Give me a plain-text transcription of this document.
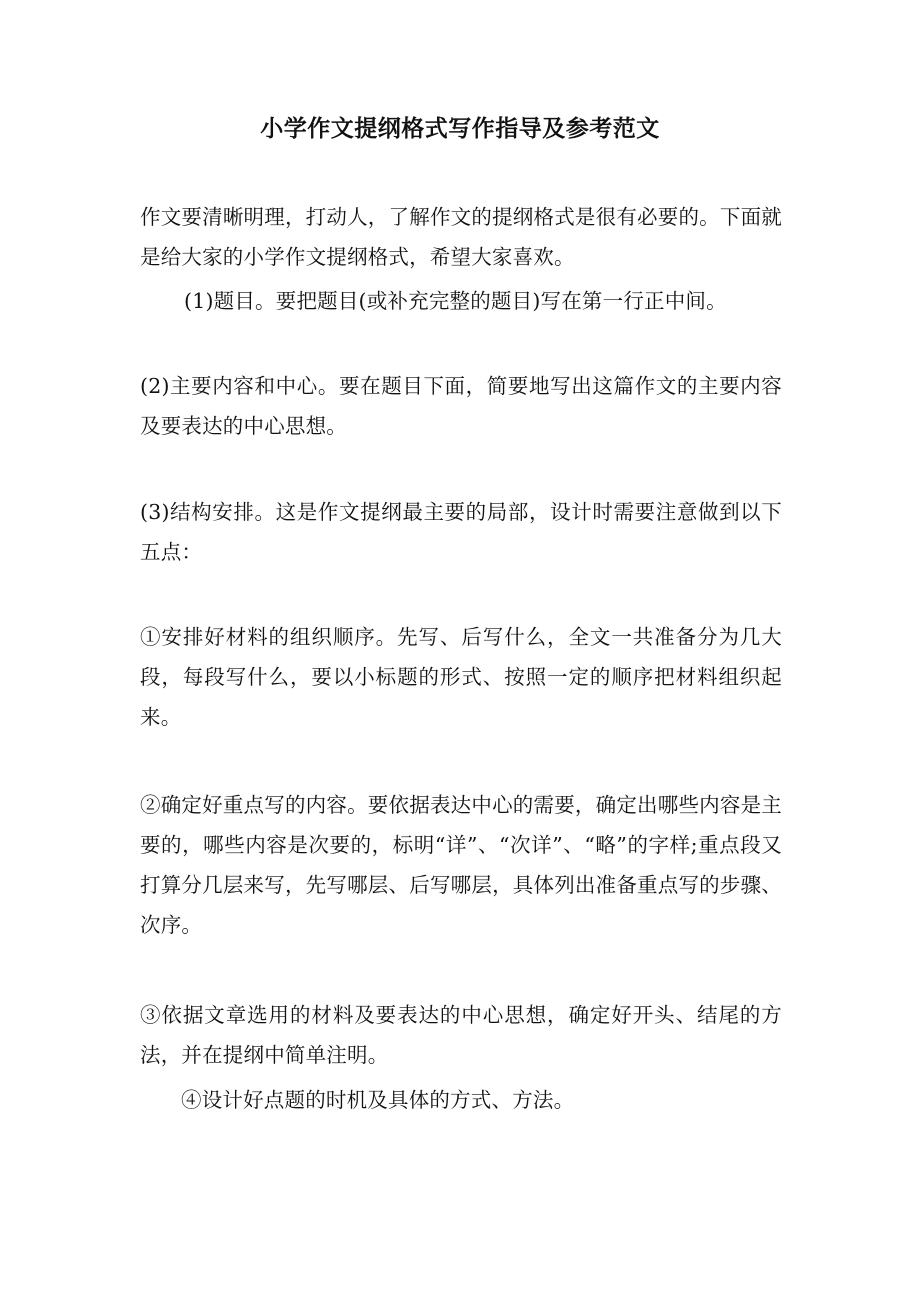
小学作文提纲格式写作指导及参考范文

作文要清晰明理，打动人，了解作文的提纲格式是很有必要的。下面就是给大家的小学作文提纲格式，希望大家喜欢。

(1)题目。要把题目(或补充完整的题目)写在第一行正中间。

(2)主要内容和中心。要在题目下面，简要地写出这篇作文的主要内容及要表达的中心思想。

(3)结构安排。这是作文提纲最主要的局部，设计时需要注意做到以下五点：

①安排好材料的组织顺序。先写、后写什么，全文一共准备分为几大段，每段写什么，要以小标题的形式、按照一定的顺序把材料组织起来。

②确定好重点写的内容。要依据表达中心的需要，确定出哪些内容是主要的，哪些内容是次要的，标明“详”、“次详”、“略”的字样;重点段又打算分几层来写，先写哪层、后写哪层，具体列出准备重点写的步骤、次序。

③依据文章选用的材料及要表达的中心思想，确定好开头、结尾的方法，并在提纲中简单注明。

④设计好点题的时机及具体的方式、方法。
